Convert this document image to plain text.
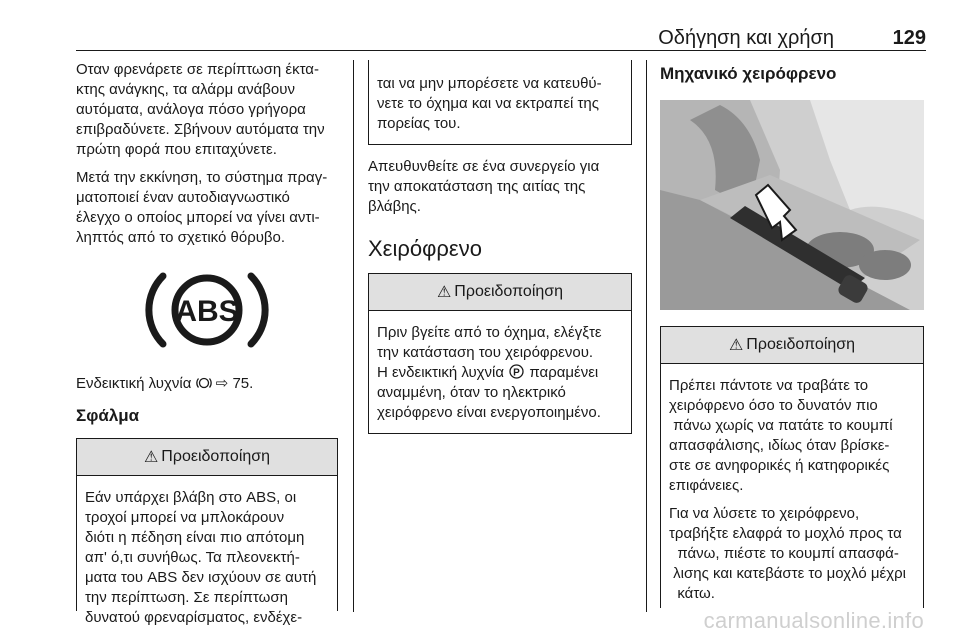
Οδήγηση και χρήση	129

Οταν φρενάρετε σε περίπτωση έκτα-
κτης ανάγκης, τα αλάρμ ανάβουν
αυτόματα, ανάλογα πόσο γρήγορα
επιβραδύνετε. Σβήνουν αυτόματα την
πρώτη φορά που επιταχύνετε.

Μετά την εκκίνηση, το σύστημα πραγ-
ματοποιεί έναν αυτοδιαγνωστικό
έλεγχο ο οποίος μπορεί να γίνει αντι-
ληπτός από το σχετικό θόρυβο.

ABS

Ενδεικτική λυχνία ⇨ 75.

Σφάλμα

⚠ Προειδοποίηση

Εάν υπάρχει βλάβη στο ABS, οι
τροχοί μπορεί να μπλοκάρουν
διότι η πέδηση είναι πιο απότομη
απ' ό,τι συνήθως. Τα πλεονεκτή-
ματα του ABS δεν ισχύουν σε αυτή
την περίπτωση. Σε περίπτωση
δυνατού φρεναρίσματος, ενδέχε-

ται να μην μπορέσετε να κατευθύ-
νετε το όχημα και να εκτραπεί της
πορείας του.

Απευθυνθείτε σε ένα συνεργείο για
την αποκατάσταση της αιτίας της
βλάβης.

Χειρόφρενο

⚠ Προειδοποίηση

Πριν βγείτε από το όχημα, ελέγξτε
την κατάσταση του χειρόφρενου.
Η ενδεικτική λυχνία P παραμένει
αναμμένη, όταν το ηλεκτρικό
χειρόφρενο είναι ενεργοποιημένο.

Μηχανικό χειρόφρενο

⚠ Προειδοποίηση

Πρέπει πάντοτε να τραβάτε το
χειρόφρενο όσο το δυνατόν πιο
πάνω χωρίς να πατάτε το κουμπί
απασφάλισης, ιδίως όταν βρίσκε-
στε σε ανηφορικές ή κατηφορικές
επιφάνειες.

Για να λύσετε το χειρόφρενο,
τραβήξτε ελαφρά το μοχλό προς τα
πάνω, πιέστε το κουμπί απασφά-
λισης και κατεβάστε το μοχλό μέχρι
κάτω.

carmanualsonline.info
